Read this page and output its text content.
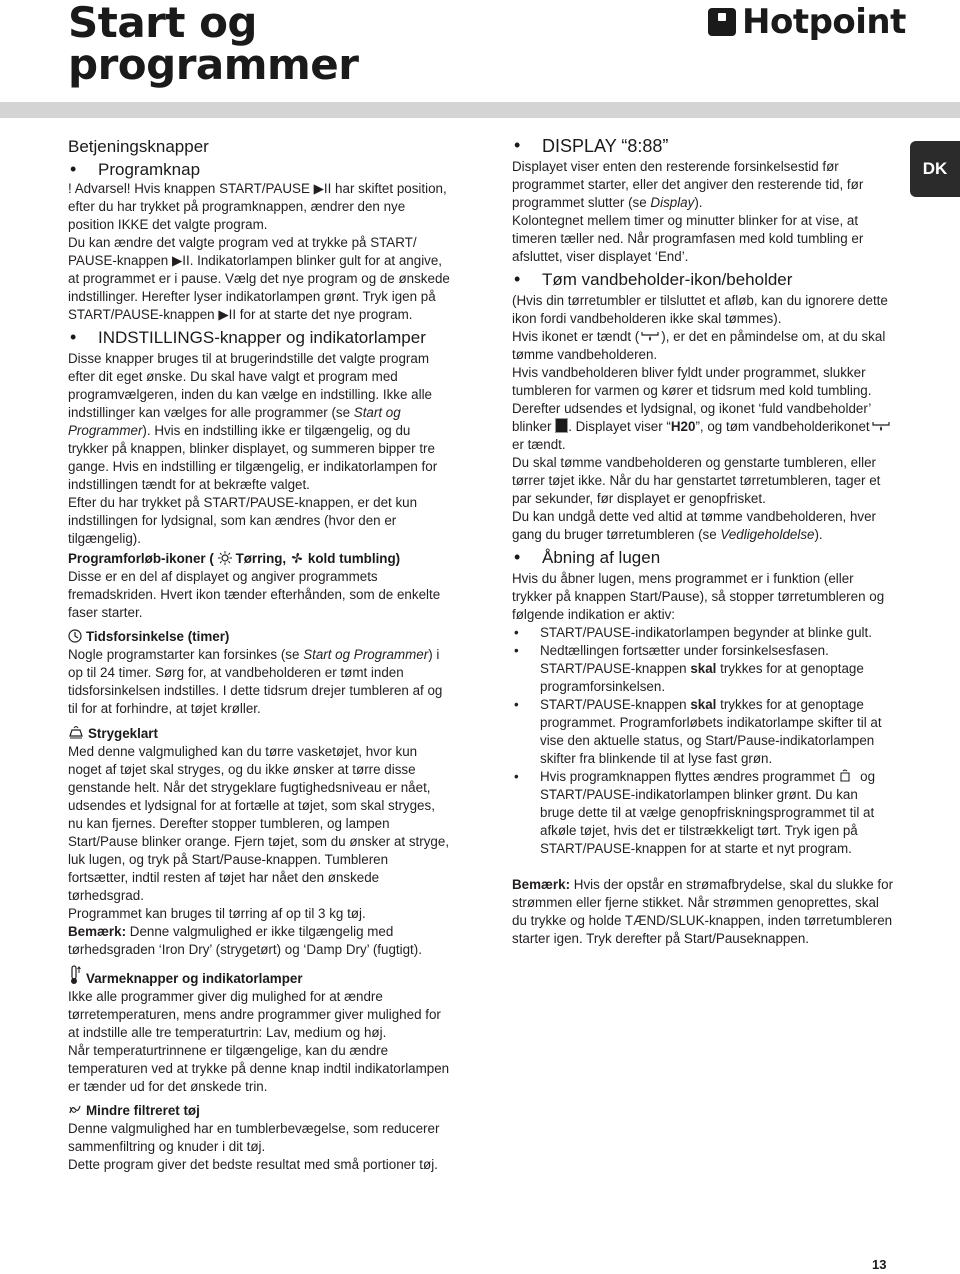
Start og
programmer
Hotpoint
DK

Betjeningsknapper

• Programknap

! Advarsel! Hvis knappen START/PAUSE ▶II har skiftet position, efter du har trykket på programknappen, ændrer den nye position IKKE det valgte program.

Du kan ændre det valgte program ved at trykke på START/ PAUSE-knappen ▶II. Indikatorlampen blinker gult for at angive, at programmet er i pause. Vælg det nye program og de ønskede indstillinger. Herefter lyser indikatorlampen grønt. Tryk igen på START/PAUSE-knappen ▶II for at starte det nye program.

• INDSTILLINGS-knapper og indikatorlamper

Disse knapper bruges til at brugerindstille det valgte program efter dit eget ønske. Du skal have valgt et program med programvælgeren, inden du kan vælge en indstilling. Ikke alle indstillinger kan vælges for alle programmer (se Start og Programmer). Hvis en indstilling ikke er tilgængelig, og du trykker på knappen, blinker displayet, og summeren bipper tre gange. Hvis en indstilling er tilgængelig, er indikatorlampen for indstillingen tændt for at bekræfte valget.

Efter du har trykket på START/PAUSE-knappen, er det kun indstillingen for lydsignal, som kan ændres (hvor den er tilgængelig).

Programforløb-ikoner ( Tørring, kold tumbling)

Disse er en del af displayet og angiver programmets fremadskriden. Hvert ikon tænder efterhånden, som de enkelte faser starter.

Tidsforsinkelse (timer)

Nogle programstarter kan forsinkes (se Start og Programmer) i op til 24 timer. Sørg for, at vandbeholderen er tømt inden tidsforsinkelsen indstilles. I dette tidsrum drejer tumbleren af og til for at forhindre, at tøjet krøller.

Strygeklart

Med denne valgmulighed kan du tørre vasketøjet, hvor kun noget af tøjet skal stryges, og du ikke ønsker at tørre disse genstande helt. Når det strygeklare fugtighedsniveau er nået, udsendes et lydsignal for at fortælle at tøjet, som skal stryges, nu kan fjernes. Derefter stopper tumbleren, og lampen Start/Pause blinker orange. Fjern tøjet, som du ønsker at stryge, luk lugen, og tryk på Start/Pause-knappen. Tumbleren fortsætter, indtil resten af tøjet har nået den ønskede tørhedsgrad.

Programmet kan bruges til tørring af op til 3 kg tøj.

Bemærk: Denne valgmulighed er ikke tilgængelig med tørhedsgraden ‘Iron Dry’ (strygetørt) og ‘Damp Dry’ (fugtigt).

Varmeknapper og indikatorlamper

Ikke alle programmer giver dig mulighed for at ændre tørretemperaturen, mens andre programmer giver mulighed for at indstille alle tre temperaturtrin: Lav, medium og høj.

Når temperaturtrinnene er tilgængelige, kan du ændre temperaturen ved at trykke på denne knap indtil indikatorlampen er tænder ud for det ønskede trin.

Mindre filtreret tøj

Denne valgmulighed har en tumblerbevægelse, som reducerer sammenfiltring og knuder i dit tøj.

Dette program giver det bedste resultat med små portioner tøj.

• DISPLAY “8:88”

Displayet viser enten den resterende forsinkelsestid før programmet starter, eller det angiver den resterende tid, før programmet slutter (se Display).

Kolontegnet mellem timer og minutter blinker for at vise, at timeren tæller ned. Når programfasen med kold tumbling er afsluttet, viser displayet ‘End’.

• Tøm vandbeholder-ikon/beholder

(Hvis din tørretumbler er tilsluttet et afløb, kan du ignorere dette ikon fordi vandbeholderen ikke skal tømmes).

Hvis ikonet er tændt ( ), er det en påmindelse om, at du skal tømme vandbeholderen.

Hvis vandbeholderen bliver fyldt under programmet, slukker tumbleren for varmen og kører et tidsrum med kold tumbling. Derefter udsendes et lydsignal, og ikonet ‘fuld vandbeholder’ blinker . Displayet viser “H20”, og tøm vandbeholderikonet er tændt.

Du skal tømme vandbeholderen og genstarte tumbleren, eller tørrer tøjet ikke. Når du har genstartet tørretumbleren, tager et par sekunder, før displayet er genopfrisket.

Du kan undgå dette ved altid at tømme vandbeholderen, hver gang du bruger tørretumbleren (se Vedligeholdelse).

• Åbning af lugen

Hvis du åbner lugen, mens programmet er i funktion (eller trykker på knappen Start/Pause), så stopper tørretumbleren og følgende indikation er aktiv:

• START/PAUSE-indikatorlampen begynder at blinke gult.
• Nedtællingen fortsætter under forsinkelsesfasen. START/PAUSE-knappen skal trykkes for at genoptage programforsinkelsen.
• START/PAUSE-knappen skal trykkes for at genoptage programmet. Programforløbets indikatorlampe skifter til at vise den aktuelle status, og Start/Pause-indikatorlampen skifter fra blinkende til at lyse fast grøn.
• Hvis programknappen flyttes ændres programmet  og START/PAUSE-indikatorlampen blinker grønt. Du kan bruge dette til at vælge genopfriskningsprogrammet til at afkøle tøjet, hvis det er tilstrækkeligt tørt. Tryk igen på START/PAUSE-knappen for at starte et nyt program.

Bemærk: Hvis der opstår en strømafbrydelse, skal du slukke for strømmen eller fjerne stikket. Når strømmen genoprettes, skal du trykke og holde TÆND/SLUK-knappen, inden tørretumbleren starter igen. Tryk derefter på Start/Pauseknappen.

13
